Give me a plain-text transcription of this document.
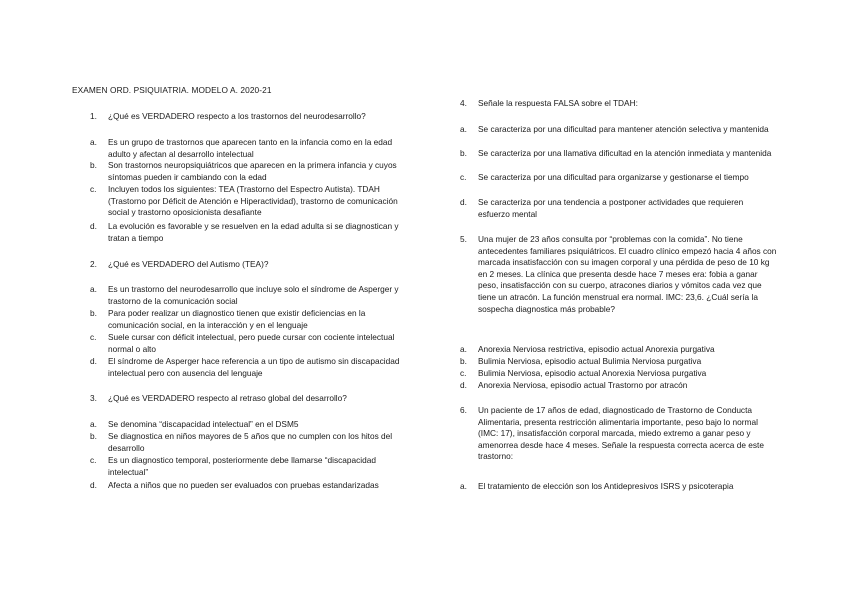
EXAMEN ORD. PSIQUIATRIA. MODELO A. 2020-21
1.	¿Qué es VERDADERO respecto a los trastornos del neurodesarrollo?
a.	Es un grupo de trastornos que aparecen tanto en la infancia como en la edad adulto y afectan al desarrollo intelectual
b.	Son trastornos neuropsiquiátricos que aparecen en la primera infancia y cuyos síntomas pueden ir cambiando con la edad
c.	Incluyen todos los siguientes: TEA (Trastorno del Espectro Autista). TDAH (Trastorno por Déficit de Atención e Hiperactividad), trastorno de comunicación social y trastorno oposicionista desafiante
d.	La evolución es favorable y se resuelven en la edad adulta si se diagnostican y tratan a tiempo
2.	¿Qué es VERDADERO del Autismo (TEA)?
a.	Es un trastorno del neurodesarrollo que incluye solo el síndrome de Asperger y trastorno de la comunicación social
b.	Para poder realizar un diagnostico tienen que existir deficiencias en la comunicación social, en la interacción y en el lenguaje
c.	Suele cursar con déficit intelectual, pero puede cursar con cociente intelectual normal o alto
d.	El síndrome de Asperger hace referencia a un tipo de autismo sin discapacidad intelectual pero con ausencia del lenguaje
3.	¿Qué es VERDADERO respecto al retraso global del desarrollo?
a.	Se denomina “discapacidad intelectual” en el DSM5
b.	Se diagnostica en niños mayores de 5 años que no cumplen con los hitos del desarrollo
c.	Es un diagnostico temporal, posteriormente debe llamarse “discapacidad intelectual”
d.	Afecta a niños que no pueden ser evaluados con pruebas estandarizadas
4.	Señale la respuesta FALSA sobre el TDAH:
a.	Se caracteriza por una dificultad para mantener atención selectiva y mantenida
b.	Se caracteriza por una llamativa dificultad en la atención inmediata y mantenida
c.	Se caracteriza por una dificultad para organizarse y gestionarse el tiempo
d.	Se caracteriza por una tendencia a postponer actividades que requieren esfuerzo mental
5.	Una mujer de 23 años consulta por “problemas con la comida”. No tiene antecedentes familiares psiquiátricos. El cuadro clínico empezó hacia 4 años con marcada insatisfacción con su imagen corporal y una pérdida de peso de 10 kg en 2 meses. La clínica que presenta desde hace 7 meses era: fobia a ganar peso, insatisfacción con su cuerpo, atracones diarios y vómitos cada vez que tiene un atracón. La función menstrual era normal. IMC: 23,6. ¿Cuál sería la sospecha diagnostica más probable?
a.	Anorexia Nerviosa restrictiva, episodio actual Anorexia purgativa
b.	Bulimia Nerviosa, episodio actual Bulimia Nerviosa purgativa
c.	Bulimia Nerviosa, episodio actual Anorexia Nerviosa purgativa
d.	Anorexia Nerviosa, episodio actual Trastorno por atracón
6.	Un paciente de 17 años de edad, diagnosticado de Trastorno de Conducta Alimentaria, presenta restricción alimentaria importante, peso bajo lo normal (IMC: 17), insatisfacción corporal marcada, miedo extremo a ganar peso y amenorrea desde hace 4 meses. Señale la respuesta correcta acerca de este trastorno:
a.	El tratamiento de elección son los Antidepresivos ISRS y psicoterapia
